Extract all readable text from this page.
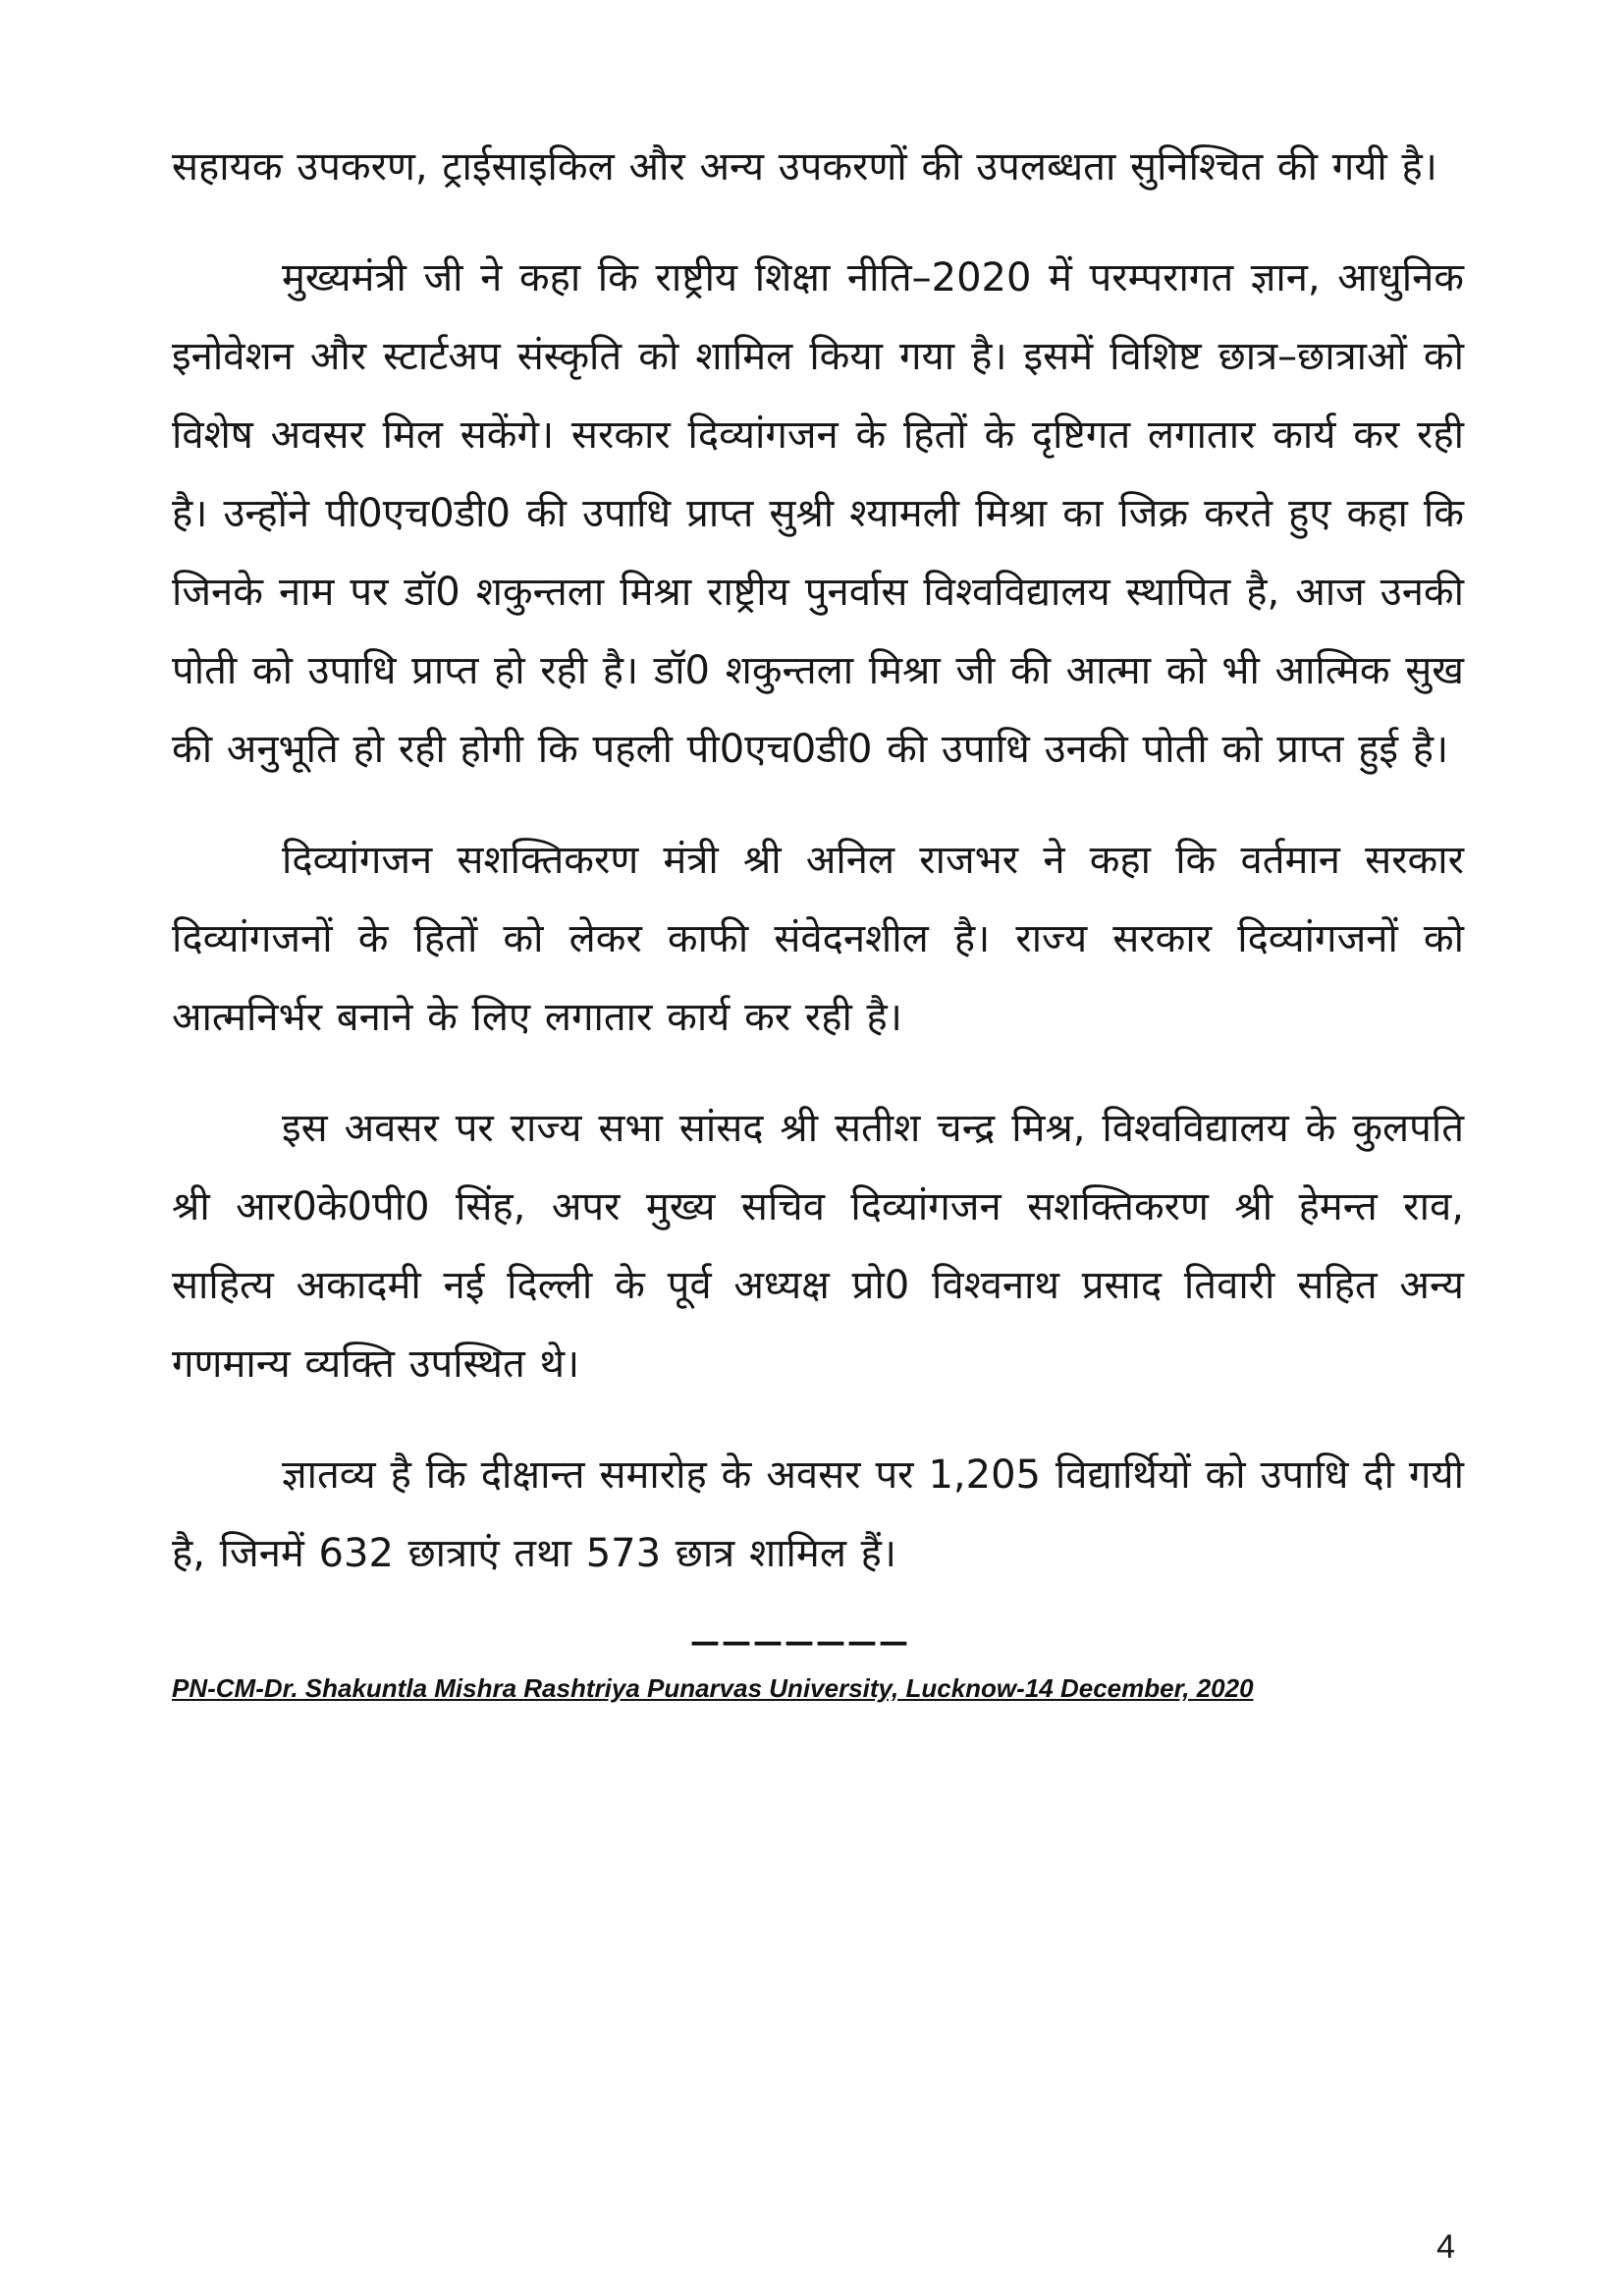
सहायक उपकरण, ट्राईसाइकिल और अन्य उपकरणों की उपलब्धता सुनिश्चित की गयी है।

मुख्यमंत्री जी ने कहा कि राष्ट्रीय शिक्षा नीति–2020 में परम्परागत ज्ञान, आधुनिक इनोवेशन और स्टार्टअप संस्कृति को शामिल किया गया है। इसमें विशिष्ट छात्र–छात्राओं को विशेष अवसर मिल सकेंगे। सरकार दिव्यांगजन के हितों के दृष्टिगत लगातार कार्य कर रही है। उन्होंने पी0एच0डी0 की उपाधि प्राप्त सुश्री श्यामली मिश्रा का जिक्र करते हुए कहा कि जिनके नाम पर डॉ0 शकुन्तला मिश्रा राष्ट्रीय पुनर्वास विश्वविद्यालय स्थापित है, आज उनकी पोती को उपाधि प्राप्त हो रही है। डॉ0 शकुन्तला मिश्रा जी की आत्मा को भी आत्मिक सुख की अनुभूति हो रही होगी कि पहली पी0एच0डी0 की उपाधि उनकी पोती को प्राप्त हुई है।

दिव्यांगजन सशक्तिकरण मंत्री श्री अनिल राजभर ने कहा कि वर्तमान सरकार दिव्यांगजनों के हितों को लेकर काफी संवेदनशील है। राज्य सरकार दिव्यांगजनों को आत्मनिर्भर बनाने के लिए लगातार कार्य कर रही है।

इस अवसर पर राज्य सभा सांसद श्री सतीश चन्द्र मिश्र, विश्वविद्यालय के कुलपति श्री आर0के0पी0 सिंह, अपर मुख्य सचिव दिव्यांगजन सशक्तिकरण श्री हेमन्त राव, साहित्य अकादमी नई दिल्ली के पूर्व अध्यक्ष प्रो0 विश्वनाथ प्रसाद तिवारी सहित अन्य गणमान्य व्यक्ति उपस्थित थे।

ज्ञातव्य है कि दीक्षान्त समारोह के अवसर पर 1,205 विद्यार्थियों को उपाधि दी गयी है, जिनमें 632 छात्राएं तथा 573 छात्र शामिल हैं।

———————
PN-CM-Dr. Shakuntla Mishra Rashtriya Punarvas University, Lucknow-14 December, 2020
4
